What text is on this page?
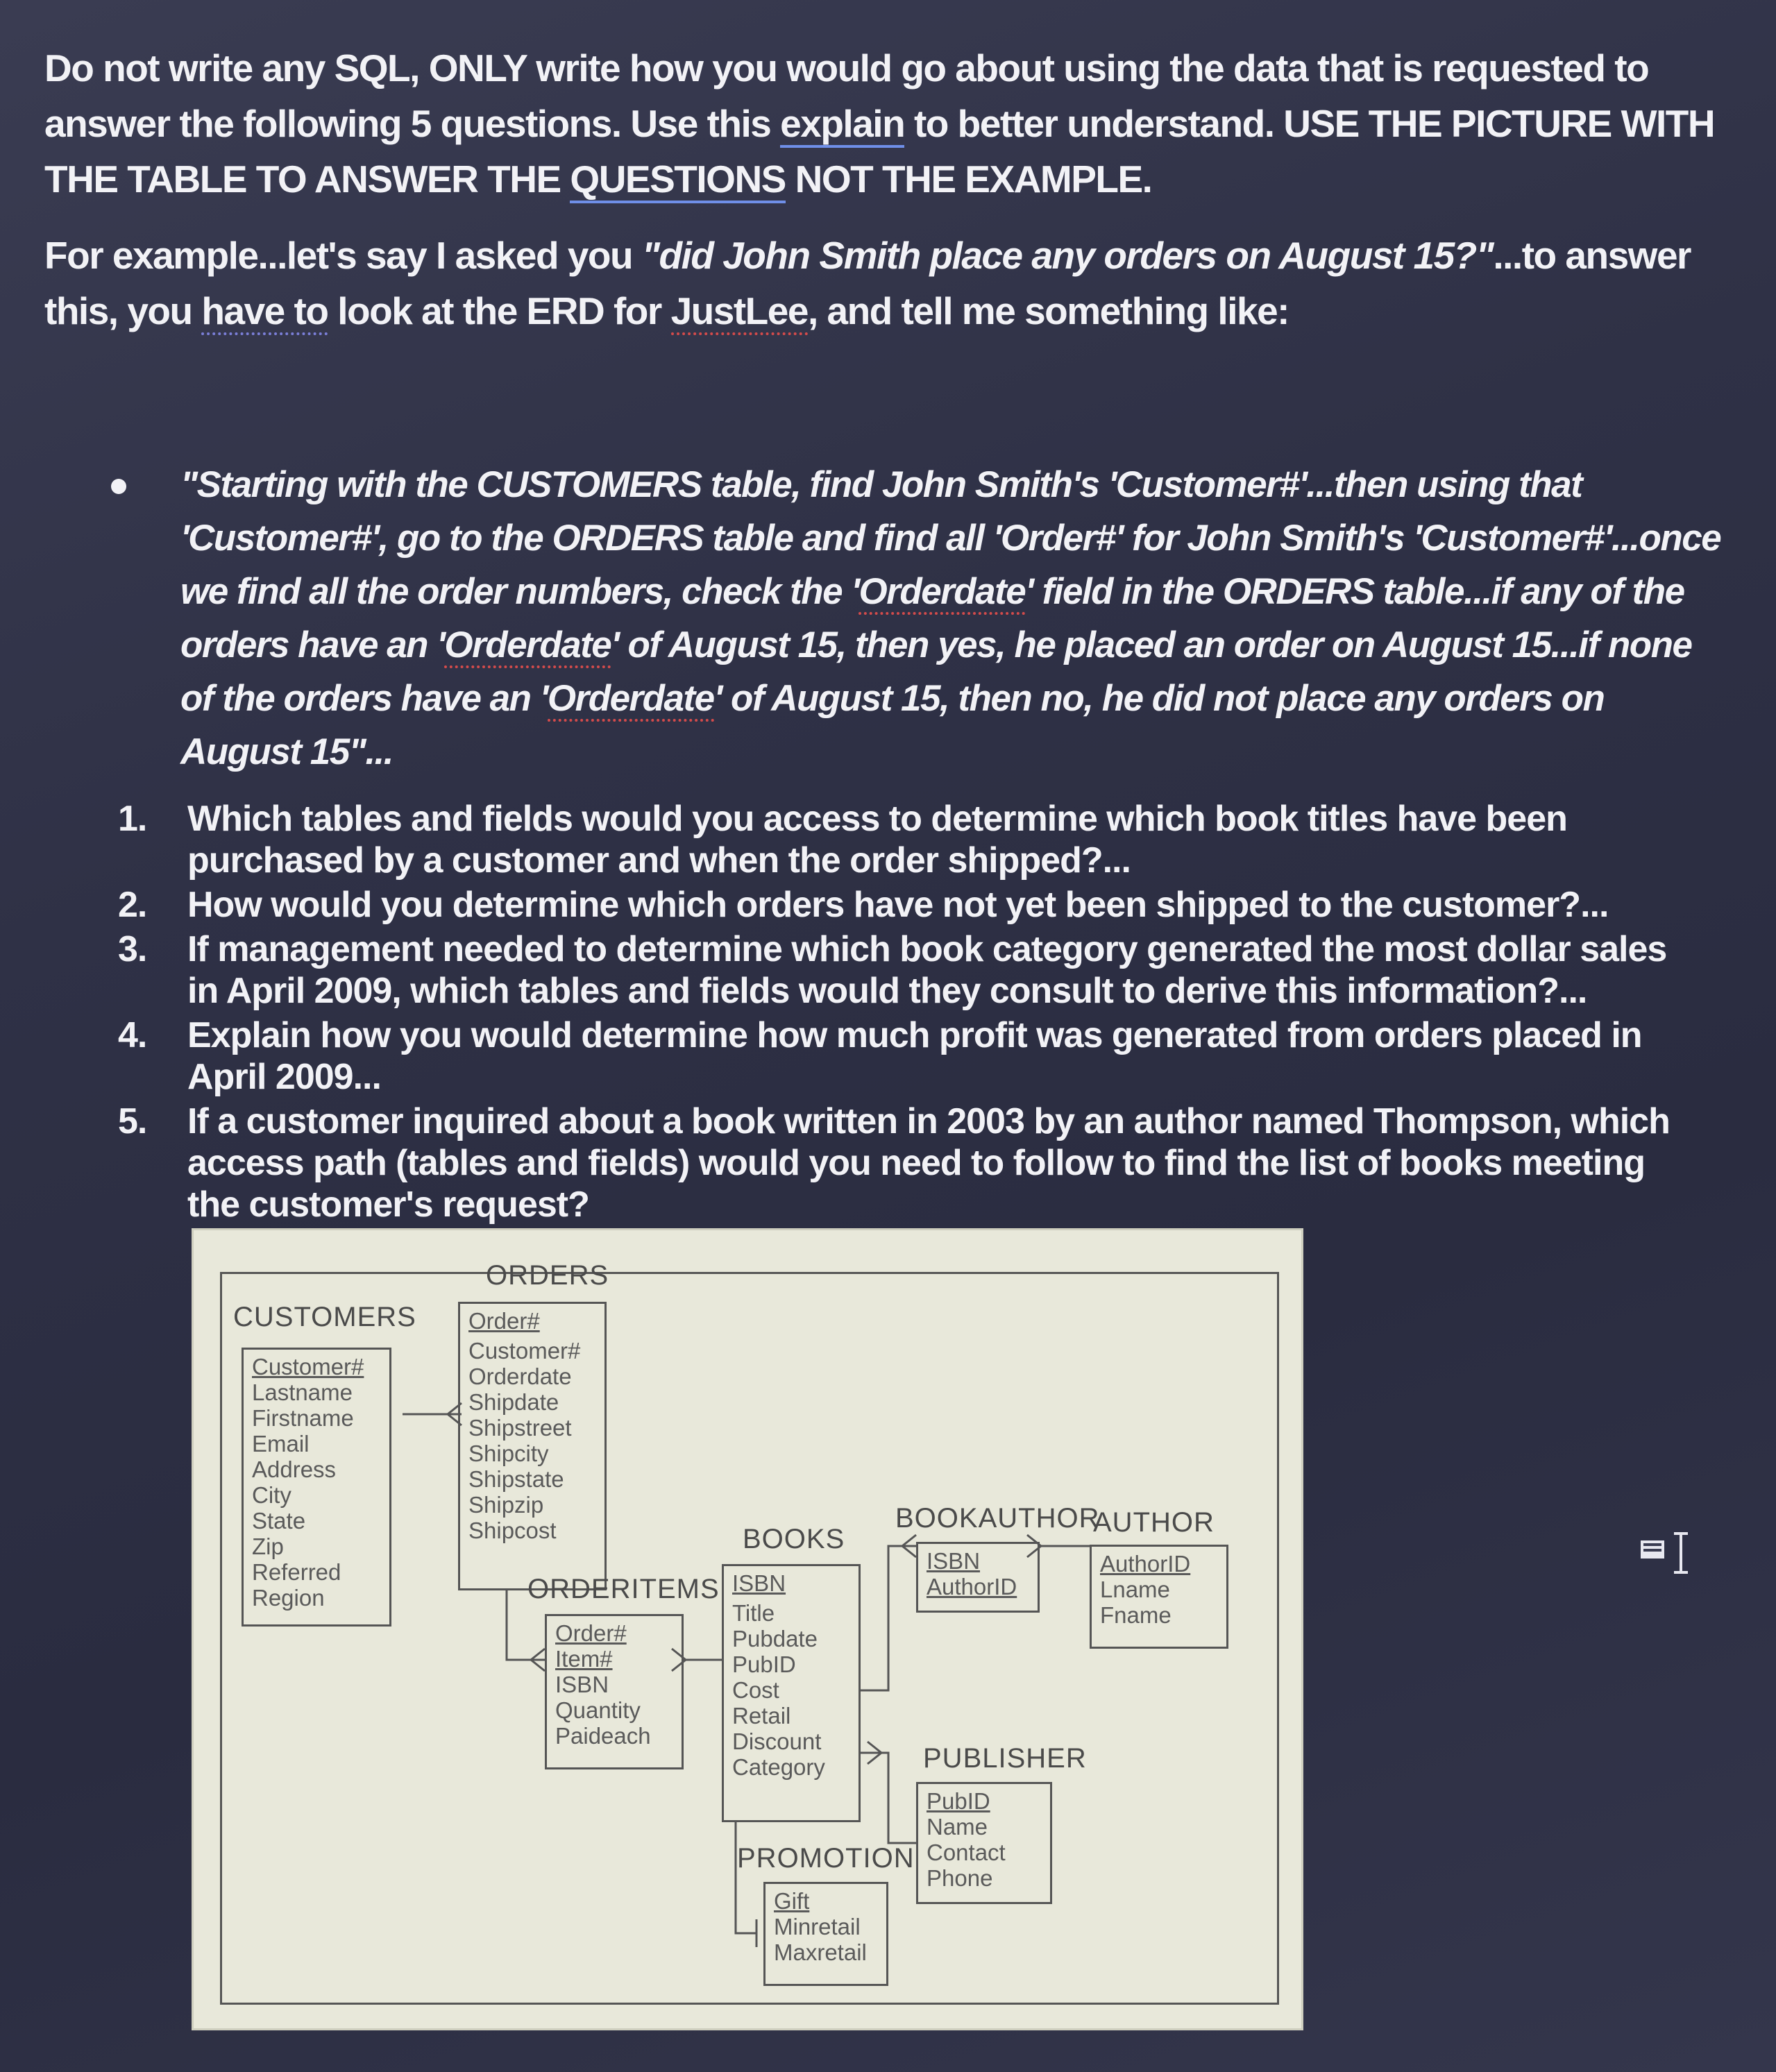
Do not write any SQL, ONLY write how you would go about using the data that is requested to answer the following 5 questions. Use this explain to better understand. USE THE PICTURE WITH THE TABLE TO ANSWER THE QUESTIONS NOT THE EXAMPLE.

For example...let's say I asked you "did John Smith place any orders on August 15?"...to answer this, you have to look at the ERD for JustLee, and tell me something like:

"Starting with the CUSTOMERS table, find John Smith's 'Customer#'...then using that 'Customer#', go to the ORDERS table and find all 'Order#' for John Smith's 'Customer#'...once we find all the order numbers, check the 'Orderdate' field in the ORDERS table...if any of the orders have an 'Orderdate' of August 15, then yes, he placed an order on August 15...if none of the orders have an 'Orderdate' of August 15, then no, he did not place any orders on August 15"...
1. Which tables and fields would you access to determine which book titles have been purchased by a customer and when the order shipped?...
2. How would you determine which orders have not yet been shipped to the customer?...
3. If management needed to determine which book category generated the most dollar sales in April 2009, which tables and fields would they consult to derive this information?...
4. Explain how you would determine how much profit was generated from orders placed in April 2009...
5. If a customer inquired about a book written in 2003 by an author named Thompson, which access path (tables and fields) would you need to follow to find the list of books meeting the customer's request?
CUSTOMERS
Customer#
Lastname
Firstname
Email
Address
City
State
Zip
Referred
Region
ORDERS
Order#
Customer#
Orderdate
Shipdate
Shipstreet
Shipcity
Shipstate
Shipzip
Shipcost
ORDERITEMS
Order#
Item#
ISBN
Quantity
Paideach
BOOKS
ISBN
Title
Pubdate
PubID
Cost
Retail
Discount
Category
BOOKAUTHOR
ISBN
AuthorID
AUTHOR
AuthorID
Lname
Fname
PUBLISHER
PubID
Name
Contact
Phone
PROMOTION
Gift
Minretail
Maxretail
